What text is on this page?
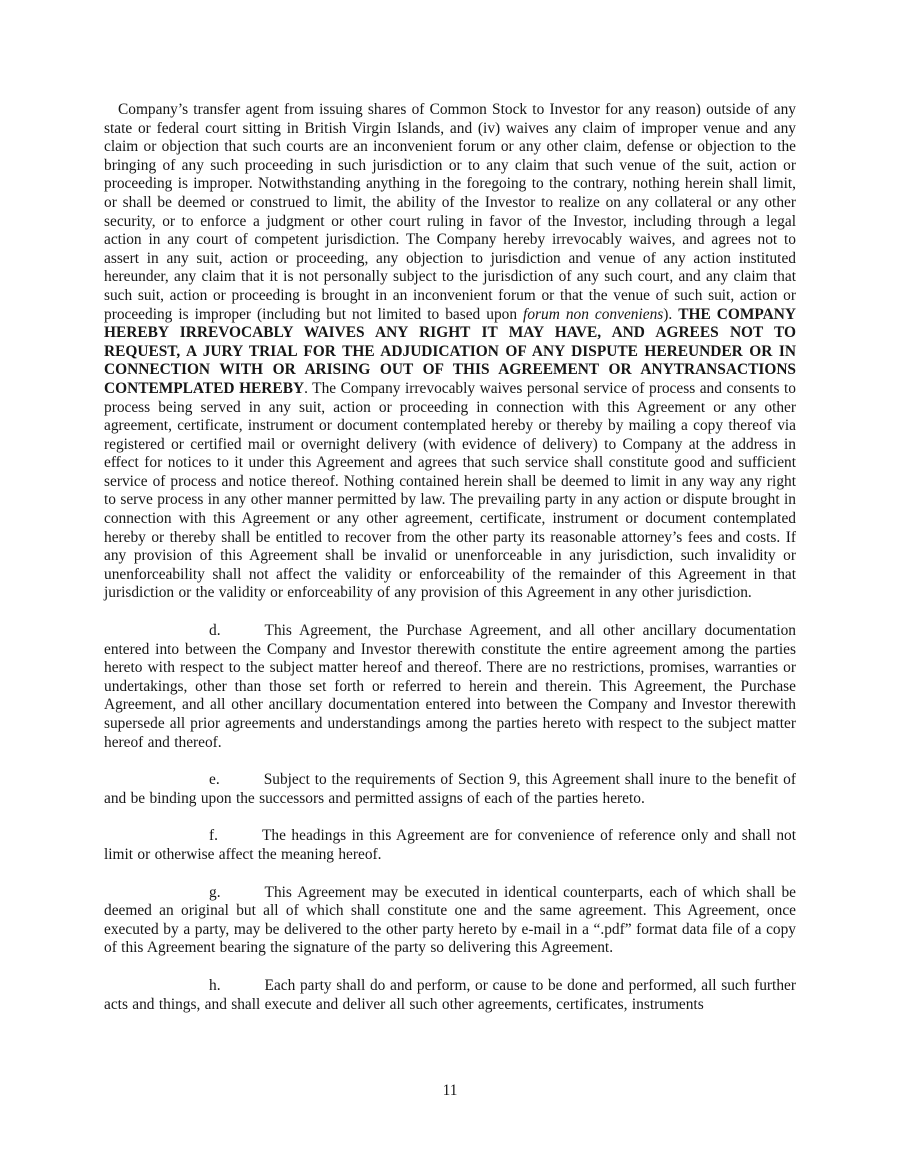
Company’s transfer agent from issuing shares of Common Stock to Investor for any reason) outside of any state or federal court sitting in British Virgin Islands, and (iv) waives any claim of improper venue and any claim or objection that such courts are an inconvenient forum or any other claim, defense or objection to the bringing of any such proceeding in such jurisdiction or to any claim that such venue of the suit, action or proceeding is improper. Notwithstanding anything in the foregoing to the contrary, nothing herein shall limit, or shall be deemed or construed to limit, the ability of the Investor to realize on any collateral or any other security, or to enforce a judgment or other court ruling in favor of the Investor, including through a legal action in any court of competent jurisdiction. The Company hereby irrevocably waives, and agrees not to assert in any suit, action or proceeding, any objection to jurisdiction and venue of any action instituted hereunder, any claim that it is not personally subject to the jurisdiction of any such court, and any claim that such suit, action or proceeding is brought in an inconvenient forum or that the venue of such suit, action or proceeding is improper (including but not limited to based upon forum non conveniens). THE COMPANY HEREBY IRREVOCABLY WAIVES ANY RIGHT IT MAY HAVE, AND AGREES NOT TO REQUEST, A JURY TRIAL FOR THE ADJUDICATION OF ANY DISPUTE HEREUNDER OR IN CONNECTION WITH OR ARISING OUT OF THIS AGREEMENT OR ANYTRANSACTIONS CONTEMPLATED HEREBY. The Company irrevocably waives personal service of process and consents to process being served in any suit, action or proceeding in connection with this Agreement or any other agreement, certificate, instrument or document contemplated hereby or thereby by mailing a copy thereof via registered or certified mail or overnight delivery (with evidence of delivery) to Company at the address in effect for notices to it under this Agreement and agrees that such service shall constitute good and sufficient service of process and notice thereof. Nothing contained herein shall be deemed to limit in any way any right to serve process in any other manner permitted by law. The prevailing party in any action or dispute brought in connection with this Agreement or any other agreement, certificate, instrument or document contemplated hereby or thereby shall be entitled to recover from the other party its reasonable attorney’s fees and costs. If any provision of this Agreement shall be invalid or unenforceable in any jurisdiction, such invalidity or unenforceability shall not affect the validity or enforceability of the remainder of this Agreement in that jurisdiction or the validity or enforceability of any provision of this Agreement in any other jurisdiction.

d.	This Agreement, the Purchase Agreement, and all other ancillary documentation entered into between the Company and Investor therewith constitute the entire agreement among the parties hereto with respect to the subject matter hereof and thereof. There are no restrictions, promises, warranties or undertakings, other than those set forth or referred to herein and therein. This Agreement, the Purchase Agreement, and all other ancillary documentation entered into between the Company and Investor therewith supersede all prior agreements and understandings among the parties hereto with respect to the subject matter hereof and thereof.

e.	Subject to the requirements of Section 9, this Agreement shall inure to the benefit of and be binding upon the successors and permitted assigns of each of the parties hereto.

f.	The headings in this Agreement are for convenience of reference only and shall not limit or otherwise affect the meaning hereof.

g.	This Agreement may be executed in identical counterparts, each of which shall be deemed an original but all of which shall constitute one and the same agreement. This Agreement, once executed by a party, may be delivered to the other party hereto by e-mail in a “.pdf” format data file of a copy of this Agreement bearing the signature of the party so delivering this Agreement.

h.	Each party shall do and perform, or cause to be done and performed, all such further acts and things, and shall execute and deliver all such other agreements, certificates, instruments

11
